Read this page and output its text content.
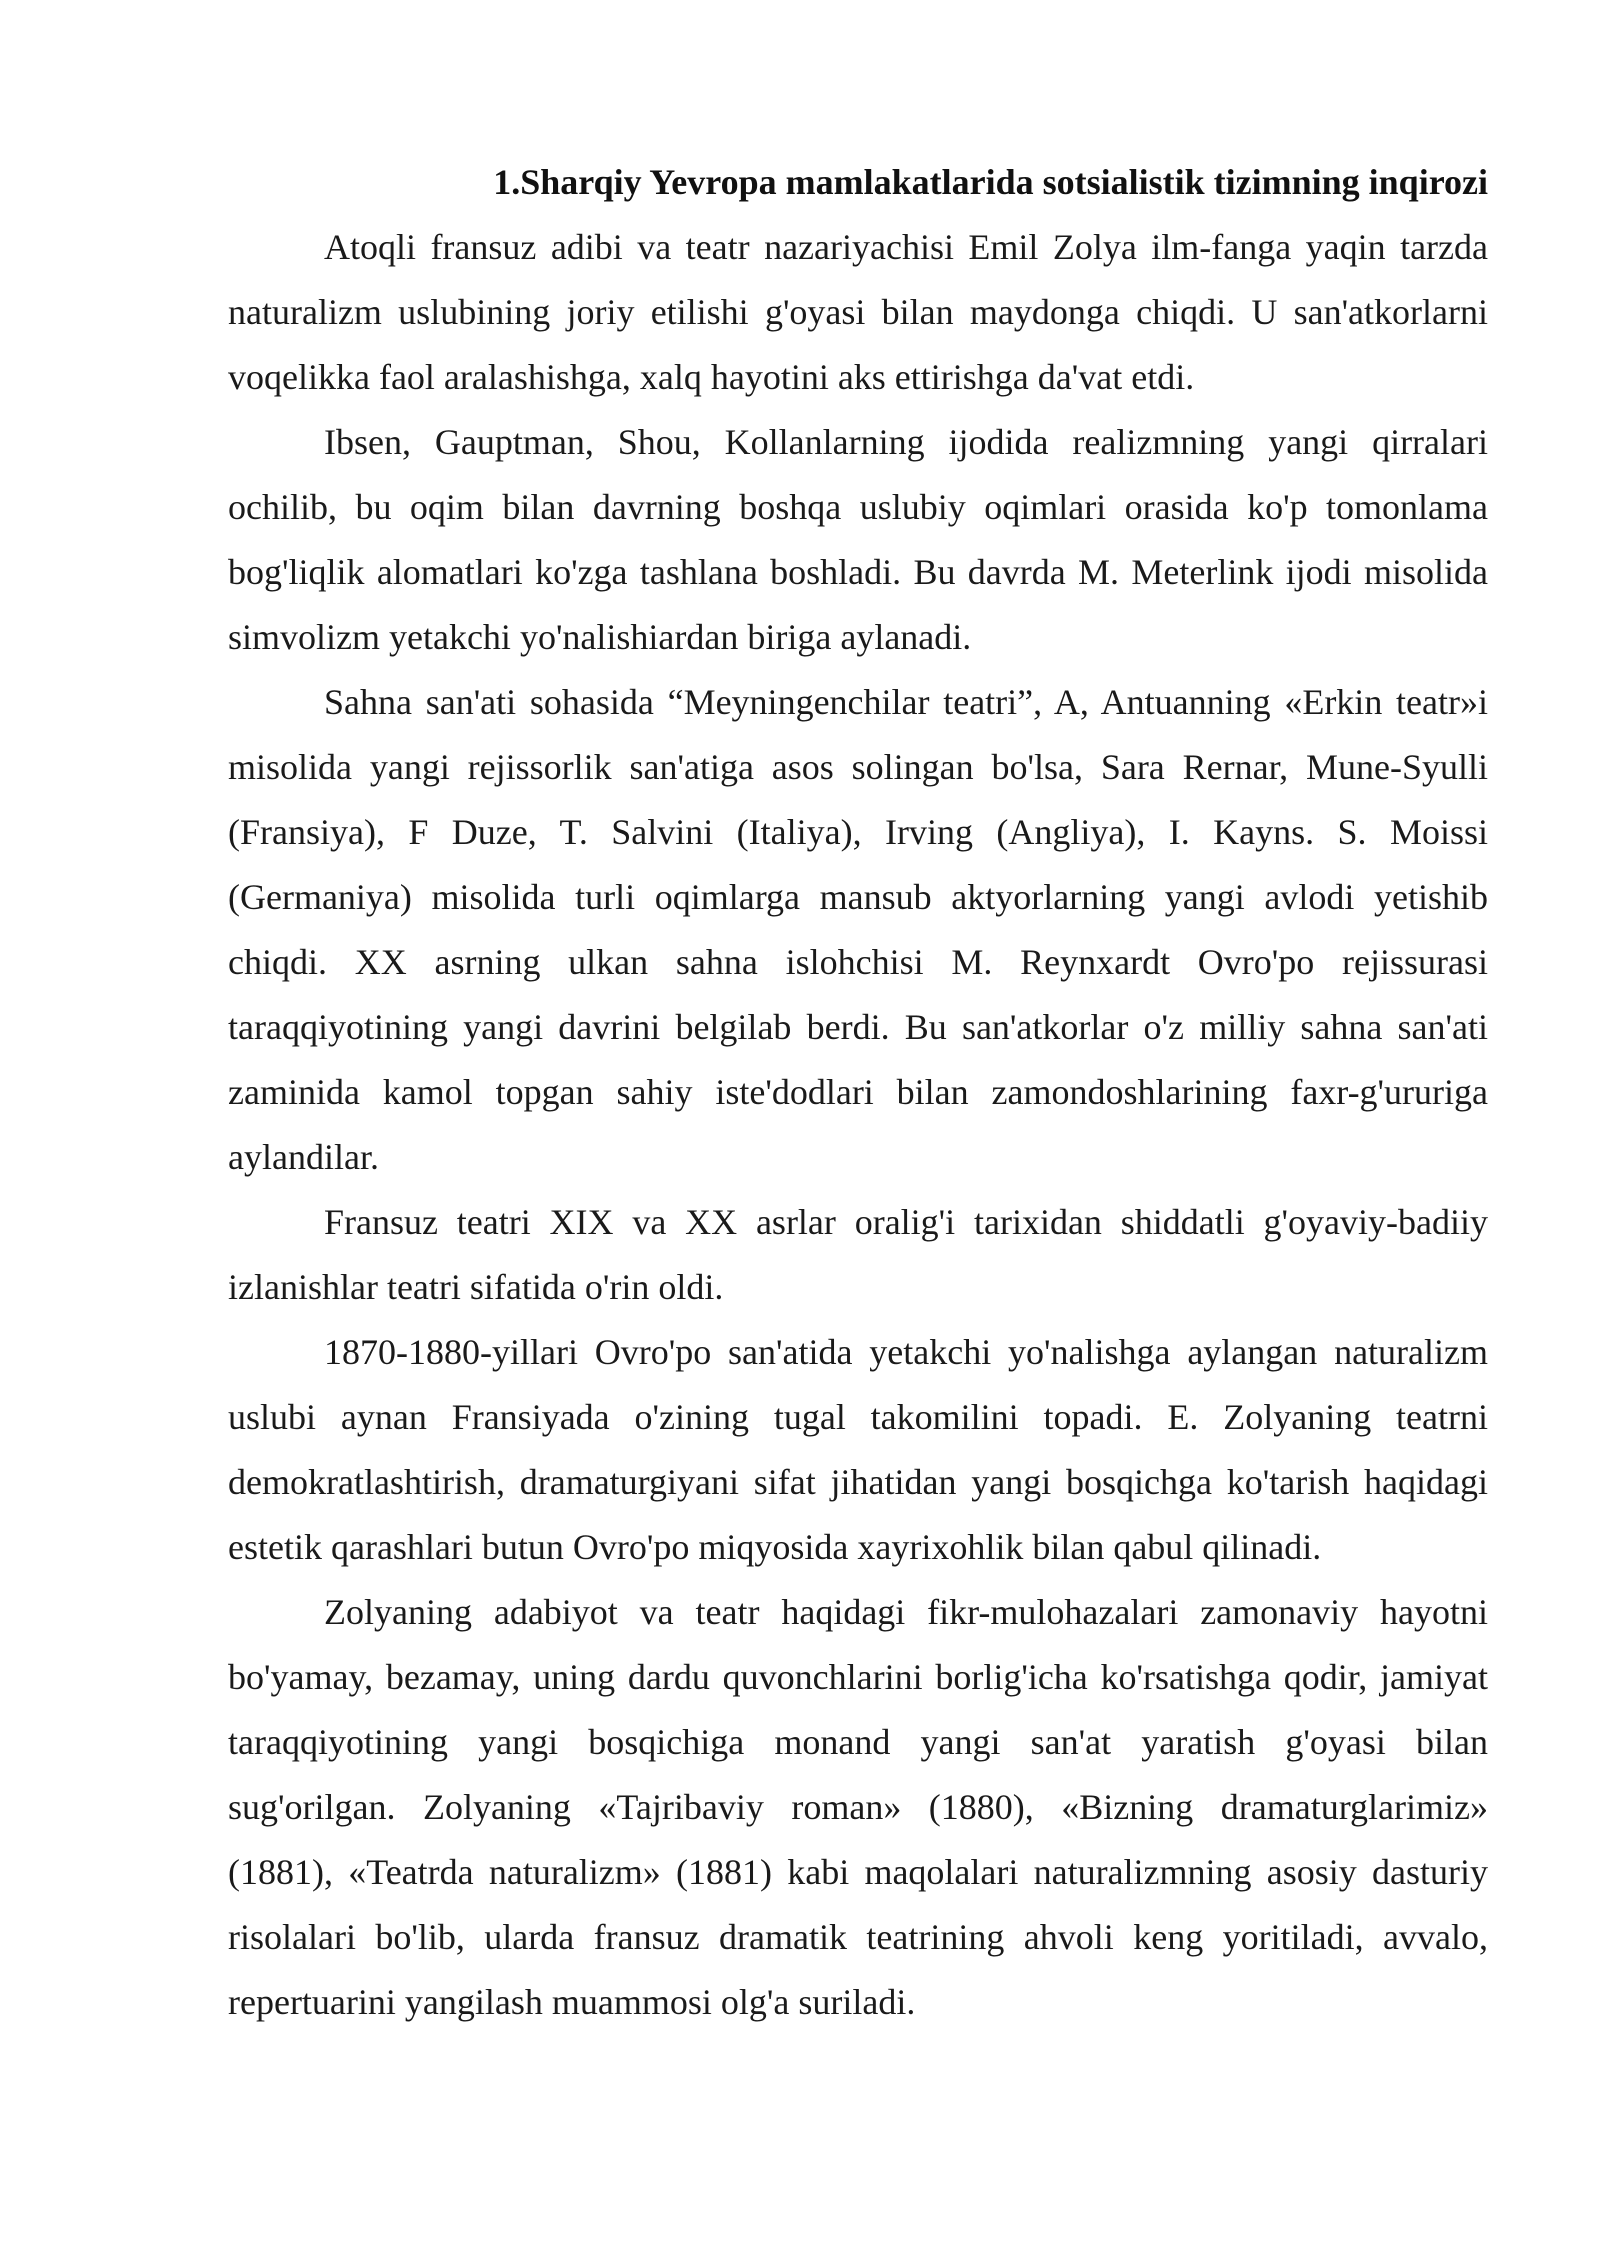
1.Sharqiy Yevropa mamlakatlarida sotsialistik tizimning inqirozi

Atoqli fransuz adibi va teatr nazariyachisi Emil Zolya ilm-fanga yaqin tarzda naturalizm uslubining joriy etilishi g'oyasi bilan maydonga chiqdi. U san'atkorlarni voqelikka faol aralashishga, xalq hayotini aks ettirishga da'vat etdi.

Ibsen, Gauptman, Shou, Kollanlarning ijodida realizmning yangi qirralari ochilib, bu oqim bilan davrning boshqa uslubiy oqimlari orasida ko'p tomonlama bog'liqlik alomatlari ko'zga tashlana boshladi. Bu davrda M. Meterlink ijodi misolida simvolizm yetakchi yo'nalishiardan biriga aylanadi.

Sahna san'ati sohasida “Meyningenchilar teatri”, A, Antuanning «Erkin teatr»i misolida yangi rejissorlik san'atiga asos solingan bo'lsa, Sara Rernar, Mune-Syulli (Fransiya), F Duze, T. Salvini (Italiya), Irving (Angliya), I. Kayns. S. Moissi (Germaniya) misolida turli oqimlarga mansub aktyorlarning yangi avlodi yetishib chiqdi. XX asrning ulkan sahna islohchisi M. Reynxardt Ovro'po rejissurasi taraqqiyotining yangi davrini belgilab berdi. Bu san'atkorlar o'z milliy sahna san'ati zaminida kamol topgan sahiy iste'dodlari bilan zamondoshlarining faxr-g'ururiga aylandilar.

Fransuz teatri XIX va XX asrlar oralig'i tarixidan shiddatli g'oyaviy-badiiy izlanishlar teatri sifatida o'rin oldi.

1870-1880-yillari Ovro'po san'atida yetakchi yo'nalishga aylangan naturalizm uslubi aynan Fransiyada o'zining tugal takomilini topadi. E. Zolyaning teatrni demokratlashtirish, dramaturgiyani sifat jihatidan yangi bosqichga ko'tarish haqidagi estetik qarashlari butun Ovro'po miqyosida xayrixohlik bilan qabul qilinadi.

Zolyaning adabiyot va teatr haqidagi fikr-mulohazalari zamonaviy hayotni bo'yamay, bezamay, uning dardu quvonchlarini borlig'icha ko'rsatishga qodir, jamiyat taraqqiyotining yangi bosqichiga monand yangi san'at yaratish g'oyasi bilan sug'orilgan. Zolyaning «Tajribaviy roman» (1880), «Bizning dramaturglarimiz» (1881), «Teatrda naturalizm» (1881) kabi maqolalari naturalizmning asosiy dasturiy risolalari bo'lib, ularda fransuz dramatik teatrining ahvoli keng yoritiladi, avvalo, repertuarini yangilash muammosi olg'a suriladi.
